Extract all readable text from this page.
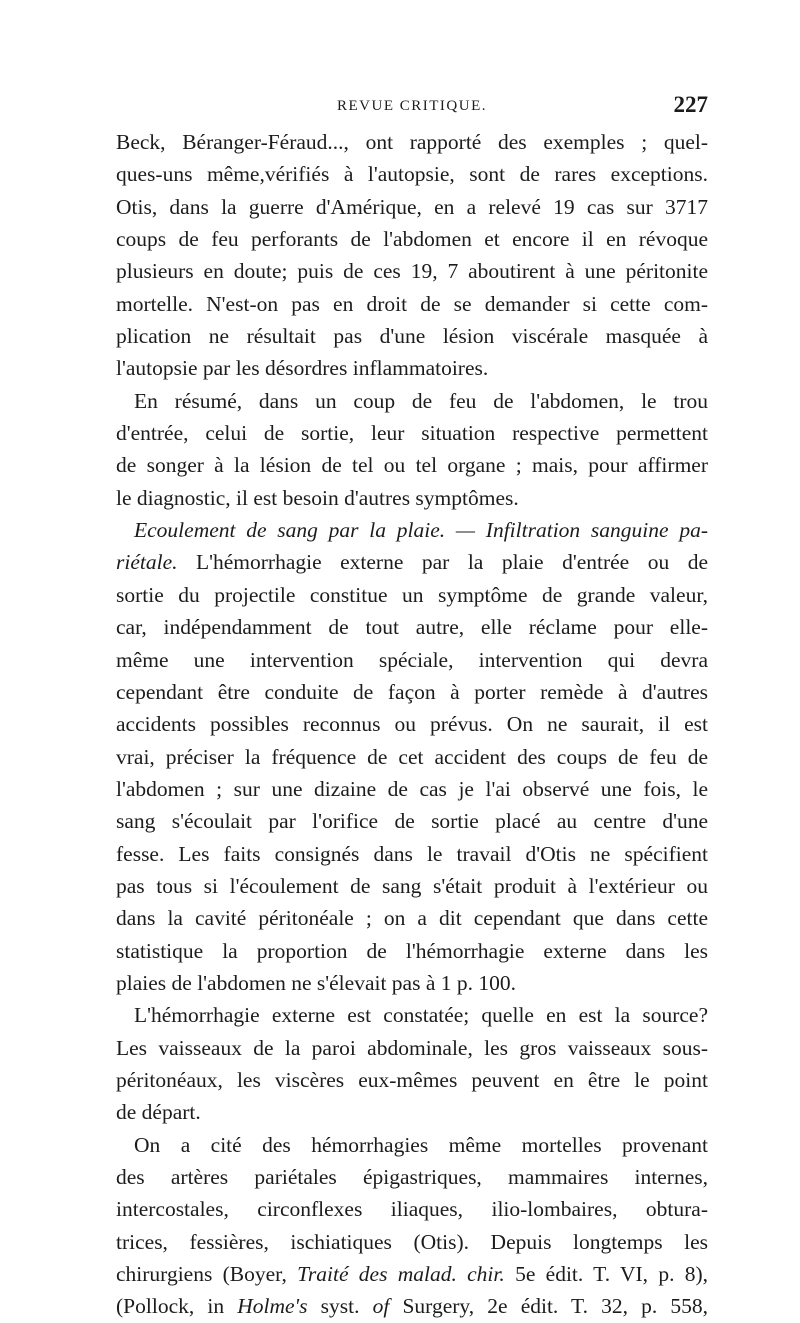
REVUE CRITIQUE.	227
Beck, Béranger-Féraud..., ont rapporté des exemples ; quel-
ques-uns même,vérifiés à l'autopsie, sont de rares exceptions.
Otis, dans la guerre d'Amérique, en a relevé 19 cas sur 3717
coups de feu perforants de l'abdomen et encore il en révoque
plusieurs en doute; puis de ces 19, 7 aboutirent à une péritonite
mortelle. N'est-on pas en droit de se demander si cette com-
plication ne résultait pas d'une lésion viscérale masquée à
l'autopsie par les désordres inflammatoires.
En résumé, dans un coup de feu de l'abdomen, le trou
d'entrée, celui de sortie, leur situation respective permettent
de songer à la lésion de tel ou tel organe ; mais, pour affirmer
le diagnostic, il est besoin d'autres symptômes.
Ecoulement de sang par la plaie. — Infiltration sanguine pa-
riétale. L'hémorrhagie externe par la plaie d'entrée ou de
sortie du projectile constitue un symptôme de grande valeur,
car, indépendamment de tout autre, elle réclame pour elle-
même une intervention spéciale, intervention qui devra
cependant être conduite de façon à porter remède à d'autres
accidents possibles reconnus ou prévus. On ne saurait, il est
vrai, préciser la fréquence de cet accident des coups de feu de
l'abdomen ; sur une dizaine de cas je l'ai observé une fois, le
sang s'écoulait par l'orifice de sortie placé au centre d'une
fesse. Les faits consignés dans le travail d'Otis ne spécifient
pas tous si l'écoulement de sang s'était produit à l'extérieur ou
dans la cavité péritonéale ; on a dit cependant que dans cette
statistique la proportion de l'hémorrhagie externe dans les
plaies de l'abdomen ne s'élevait pas à 1 p. 100.
L'hémorrhagie externe est constatée; quelle en est la source?
Les vaisseaux de la paroi abdominale, les gros vaisseaux sous-
péritonéaux, les viscères eux-mêmes peuvent en être le point
de départ.
On a cité des hémorrhagies même mortelles provenant
des artères pariétales épigastriques, mammaires internes,
intercostales, circonflexes iliaques, ilio-lombaires, obtura-
trices, fessières, ischiatiques (Otis). Depuis longtemps les
chirurgiens (Boyer, Traité des malad. chir. 5e édit. T. VI, p. 8),
(Pollock, in Holme's syst. of Surgery, 2e édit. T. 32, p. 558,
